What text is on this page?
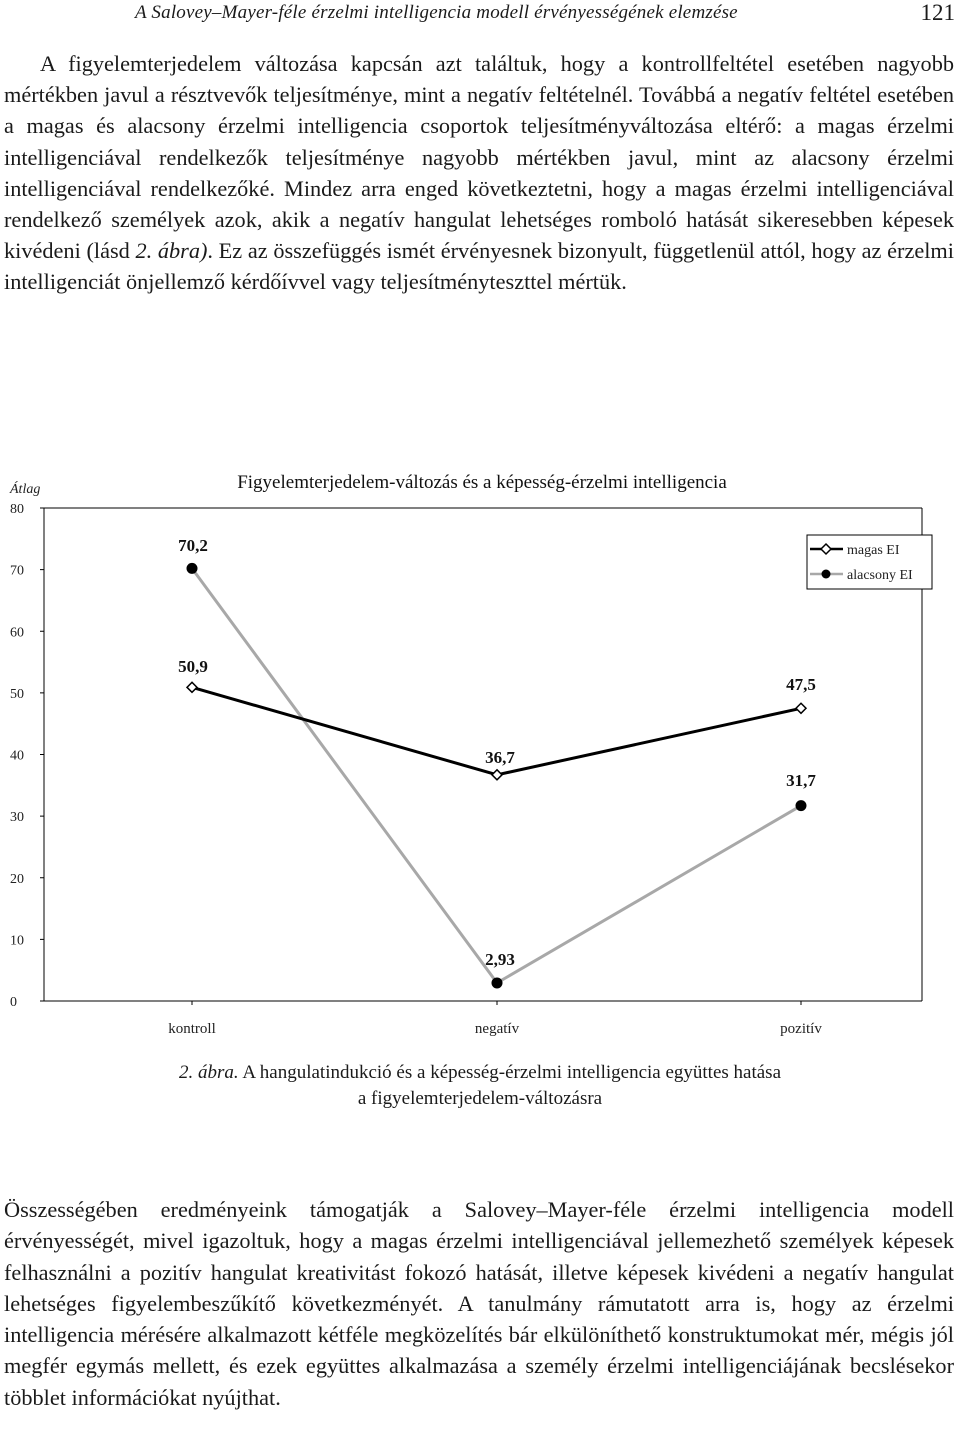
A Salovey–Mayer-féle érzelmi intelligencia modell érvényességének elemzése	121

A figyelemterjedelem változása kapcsán azt találtuk, hogy a kontrollfeltétel esetében nagyobb mértékben javul a résztvevők teljesítménye, mint a negatív feltételnél. Továbbá a negatív feltétel esetében a magas és alacsony érzelmi intelligencia csoportok teljesítményváltozása eltérő: a magas érzelmi intelligenciával rendelkezők teljesítménye nagyobb mértékben javul, mint az alacsony érzelmi intelligenciával rendelkezőké. Mindez arra enged következtetni, hogy a magas érzelmi intelligenciával rendelkező személyek azok, akik a negatív hangulat lehetséges romboló hatását sikeresebben képesek kivédeni (lásd 2. ábra). Ez az összefüggés ismét érvényesnek bizonyult, függetlenül attól, hogy az érzelmi intelligenciát önjellemző kérdőívvel vagy teljesítményteszttel mértük.

0
10
20
30
40
50
60
70
80
Átlag
kontroll	negatív	pozitív
Figyelemterjedelem-változás és a képesség-érzelmi intelligencia
70,2
2,93
31,7
50,9
36,7
47,5
magas EI
alacsony EI
2. ábra. A hangulatindukció és a képesség-érzelmi intelligencia együttes hatása
a figyelemterjedelem-változásra

Összességében eredményeink támogatják a Salovey–Mayer-féle érzelmi intelligencia modell érvényességét, mivel igazoltuk, hogy a magas érzelmi intelligenciával jellemezhető személyek képesek felhasználni a pozitív hangulat kreativitást fokozó hatását, illetve képesek kivédeni a negatív hangulat lehetséges figyelembeszűkítő következményét. A tanulmány rámutatott arra is, hogy az érzelmi intelligencia mérésére alkalmazott kétféle megközelítés bár elkülöníthető konstruktumokat mér, mégis jól megfér egymás mellett, és ezek együttes alkalmazása a személy érzelmi intelligenciájának becslésekor többlet információkat nyújthat.
